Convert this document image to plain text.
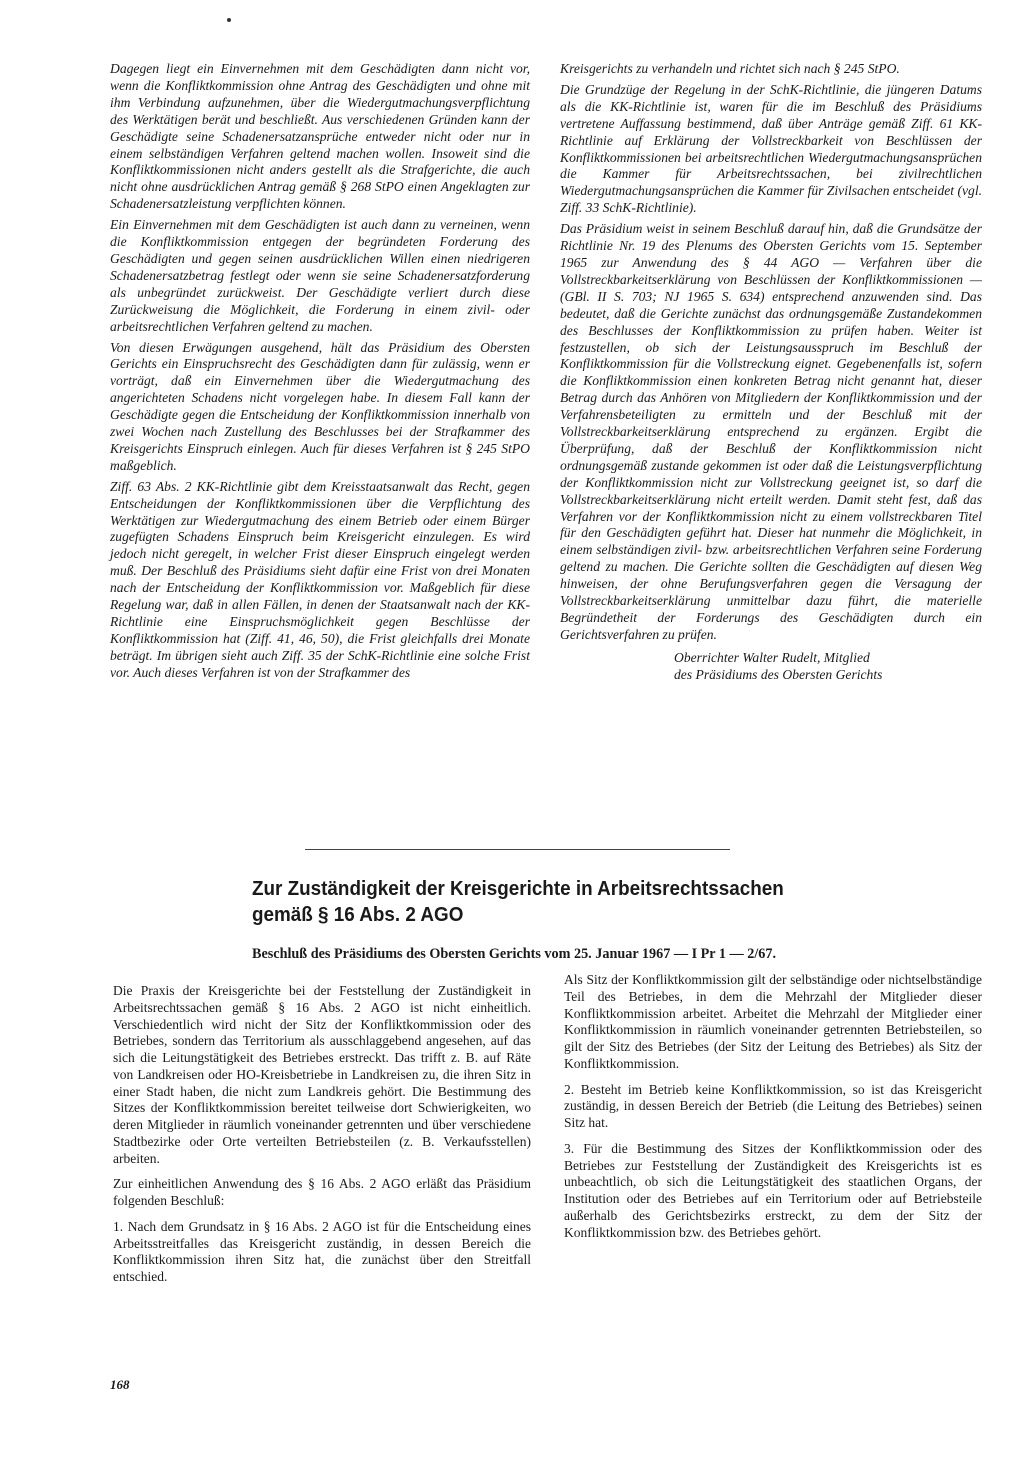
Dagegen liegt ein Einvernehmen mit dem Geschädigten dann nicht vor, wenn die Konfliktkommission ohne Antrag des Geschädigten und ohne mit ihm Verbindung aufzunehmen, über die Wiedergutmachungsverpflichtung des Werktätigen berät und beschließt. Aus verschiedenen Gründen kann der Geschädigte seine Schadenersatzansprüche entweder nicht oder nur in einem selbständigen Verfahren geltend machen wollen. Insoweit sind die Konfliktkommissionen nicht anders gestellt als die Strafgerichte, die auch nicht ohne ausdrücklichen Antrag gemäß § 268 StPO einen Angeklagten zur Schadenersatzleistung verpflichten können.

Ein Einvernehmen mit dem Geschädigten ist auch dann zu verneinen, wenn die Konfliktkommission entgegen der begründeten Forderung des Geschädigten und gegen seinen ausdrücklichen Willen einen niedrigeren Schadenersatzbetrag festlegt oder wenn sie seine Schadenersatzforderung als unbegründet zurückweist. Der Geschädigte verliert durch diese Zurückweisung die Möglichkeit, die Forderung in einem zivil- oder arbeitsrechtlichen Verfahren geltend zu machen.

Von diesen Erwägungen ausgehend, hält das Präsidium des Obersten Gerichts ein Einspruchsrecht des Geschädigten dann für zulässig, wenn er vorträgt, daß ein Einvernehmen über die Wiedergutmachung des angerichteten Schadens nicht vorgelegen habe. In diesem Fall kann der Geschädigte gegen die Entscheidung der Konfliktkommission innerhalb von zwei Wochen nach Zustellung des Beschlusses bei der Strafkammer des Kreisgerichts Einspruch einlegen. Auch für dieses Verfahren ist § 245 StPO maßgeblich.

Ziff. 63 Abs. 2 KK-Richtlinie gibt dem Kreisstaatsanwalt das Recht, gegen Entscheidungen der Konfliktkommissionen über die Verpflichtung des Werktätigen zur Wiedergutmachung des einem Betrieb oder einem Bürger zugefügten Schadens Einspruch beim Kreisgericht einzulegen. Es wird jedoch nicht geregelt, in welcher Frist dieser Einspruch eingelegt werden muß. Der Beschluß des Präsidiums sieht dafür eine Frist von drei Monaten nach der Entscheidung der Konfliktkommission vor. Maßgeblich für diese Regelung war, daß in allen Fällen, in denen der Staatsanwalt nach der KK-Richtlinie eine Einspruchsmöglichkeit gegen Beschlüsse der Konfliktkommission hat (Ziff. 41, 46, 50), die Frist gleichfalls drei Monate beträgt. Im übrigen sieht auch Ziff. 35 der SchK-Richtlinie eine solche Frist vor. Auch dieses Verfahren ist von der Strafkammer des

Kreisgerichts zu verhandeln und richtet sich nach § 245 StPO.

Die Grundzüge der Regelung in der SchK-Richtlinie, die jüngeren Datums als die KK-Richtlinie ist, waren für die im Beschluß des Präsidiums vertretene Auffassung bestimmend, daß über Anträge gemäß Ziff. 61 KK-Richtlinie auf Erklärung der Vollstreckbarkeit von Beschlüssen der Konfliktkommissionen bei arbeitsrechtlichen Wiedergutmachungsansprüchen die Kammer für Arbeitsrechtssachen, bei zivilrechtlichen Wiedergutmachungsansprüchen die Kammer für Zivilsachen entscheidet (vgl. Ziff. 33 SchK-Richtlinie).

Das Präsidium weist in seinem Beschluß darauf hin, daß die Grundsätze der Richtlinie Nr. 19 des Plenums des Obersten Gerichts vom 15. September 1965 zur Anwendung des § 44 AGO — Verfahren über die Vollstreckbarkeitserklärung von Beschlüssen der Konfliktkommissionen — (GBl. II S. 703; NJ 1965 S. 634) entsprechend anzuwenden sind. Das bedeutet, daß die Gerichte zunächst das ordnungsgemäße Zustandekommen des Beschlusses der Konfliktkommission zu prüfen haben. Weiter ist festzustellen, ob sich der Leistungsausspruch im Beschluß der Konfliktkommission für die Vollstreckung eignet. Gegebenenfalls ist, sofern die Konfliktkommission einen konkreten Betrag nicht genannt hat, dieser Betrag durch das Anhören von Mitgliedern der Konfliktkommission und der Verfahrensbeteiligten zu ermitteln und der Beschluß mit der Vollstreckbarkeitserklärung entsprechend zu ergänzen. Ergibt die Überprüfung, daß der Beschluß der Konfliktkommission nicht ordnungsgemäß zustande gekommen ist oder daß die Leistungsverpflichtung der Konfliktkommission nicht zur Vollstreckung geeignet ist, so darf die Vollstreckbarkeitserklärung nicht erteilt werden. Damit steht fest, daß das Verfahren vor der Konfliktkommission nicht zu einem vollstreckbaren Titel für den Geschädigten geführt hat. Dieser hat nunmehr die Möglichkeit, in einem selbständigen zivil- bzw. arbeitsrechtlichen Verfahren seine Forderung geltend zu machen. Die Gerichte sollten die Geschädigten auf diesen Weg hinweisen, der ohne Berufungsverfahren gegen die Versagung der Vollstreckbarkeitserklärung unmittelbar dazu führt, die materielle Begründetheit der Forderungs des Geschädigten durch ein Gerichtsverfahren zu prüfen.

Oberrichter Walter Rudelt, Mitglied
des Präsidiums des Obersten Gerichts
Zur Zuständigkeit der Kreisgerichte in Arbeitsrechtssachen
gemäß § 16 Abs. 2 AGO
Beschluß des Präsidiums des Obersten Gerichts vom 25. Januar 1967 — I Pr 1 — 2/67.

Die Praxis der Kreisgerichte bei der Feststellung der Zuständigkeit in Arbeitsrechtssachen gemäß § 16 Abs. 2 AGO ist nicht einheitlich. Verschiedentlich wird nicht der Sitz der Konfliktkommission oder des Betriebes, sondern das Territorium als ausschlaggebend angesehen, auf das sich die Leitungstätigkeit des Betriebes erstreckt. Das trifft z. B. auf Räte von Landkreisen oder HO-Kreisbetriebe in Landkreisen zu, die ihren Sitz in einer Stadt haben, die nicht zum Landkreis gehört. Die Bestimmung des Sitzes der Konfliktkommission bereitet teilweise dort Schwierigkeiten, wo deren Mitglieder in räumlich voneinander getrennten und über verschiedene Stadtbezirke oder Orte verteilten Betriebsteilen (z. B. Verkaufsstellen) arbeiten.

Zur einheitlichen Anwendung des § 16 Abs. 2 AGO erläßt das Präsidium folgenden Beschluß:

1. Nach dem Grundsatz in § 16 Abs. 2 AGO ist für die Entscheidung eines Arbeitsstreitfalles das Kreisgericht zuständig, in dessen Bereich die Konfliktkommission ihren Sitz hat, die zunächst über den Streitfall entschied.

Als Sitz der Konfliktkommission gilt der selbständige oder nichtselbständige Teil des Betriebes, in dem die Mehrzahl der Mitglieder dieser Konfliktkommission arbeitet. Arbeitet die Mehrzahl der Mitglieder einer Konfliktkommission in räumlich voneinander getrennten Betriebsteilen, so gilt der Sitz des Betriebes (der Sitz der Leitung des Betriebes) als Sitz der Konfliktkommission.

2. Besteht im Betrieb keine Konfliktkommission, so ist das Kreisgericht zuständig, in dessen Bereich der Betrieb (die Leitung des Betriebes) seinen Sitz hat.

3. Für die Bestimmung des Sitzes der Konfliktkommission oder des Betriebes zur Feststellung der Zuständigkeit des Kreisgerichts ist es unbeachtlich, ob sich die Leitungstätigkeit des staatlichen Organs, der Institution oder des Betriebes auf ein Territorium oder auf Betriebsteile außerhalb des Gerichtsbezirks erstreckt, zu dem der Sitz der Konfliktkommission bzw. des Betriebes gehört.

168
